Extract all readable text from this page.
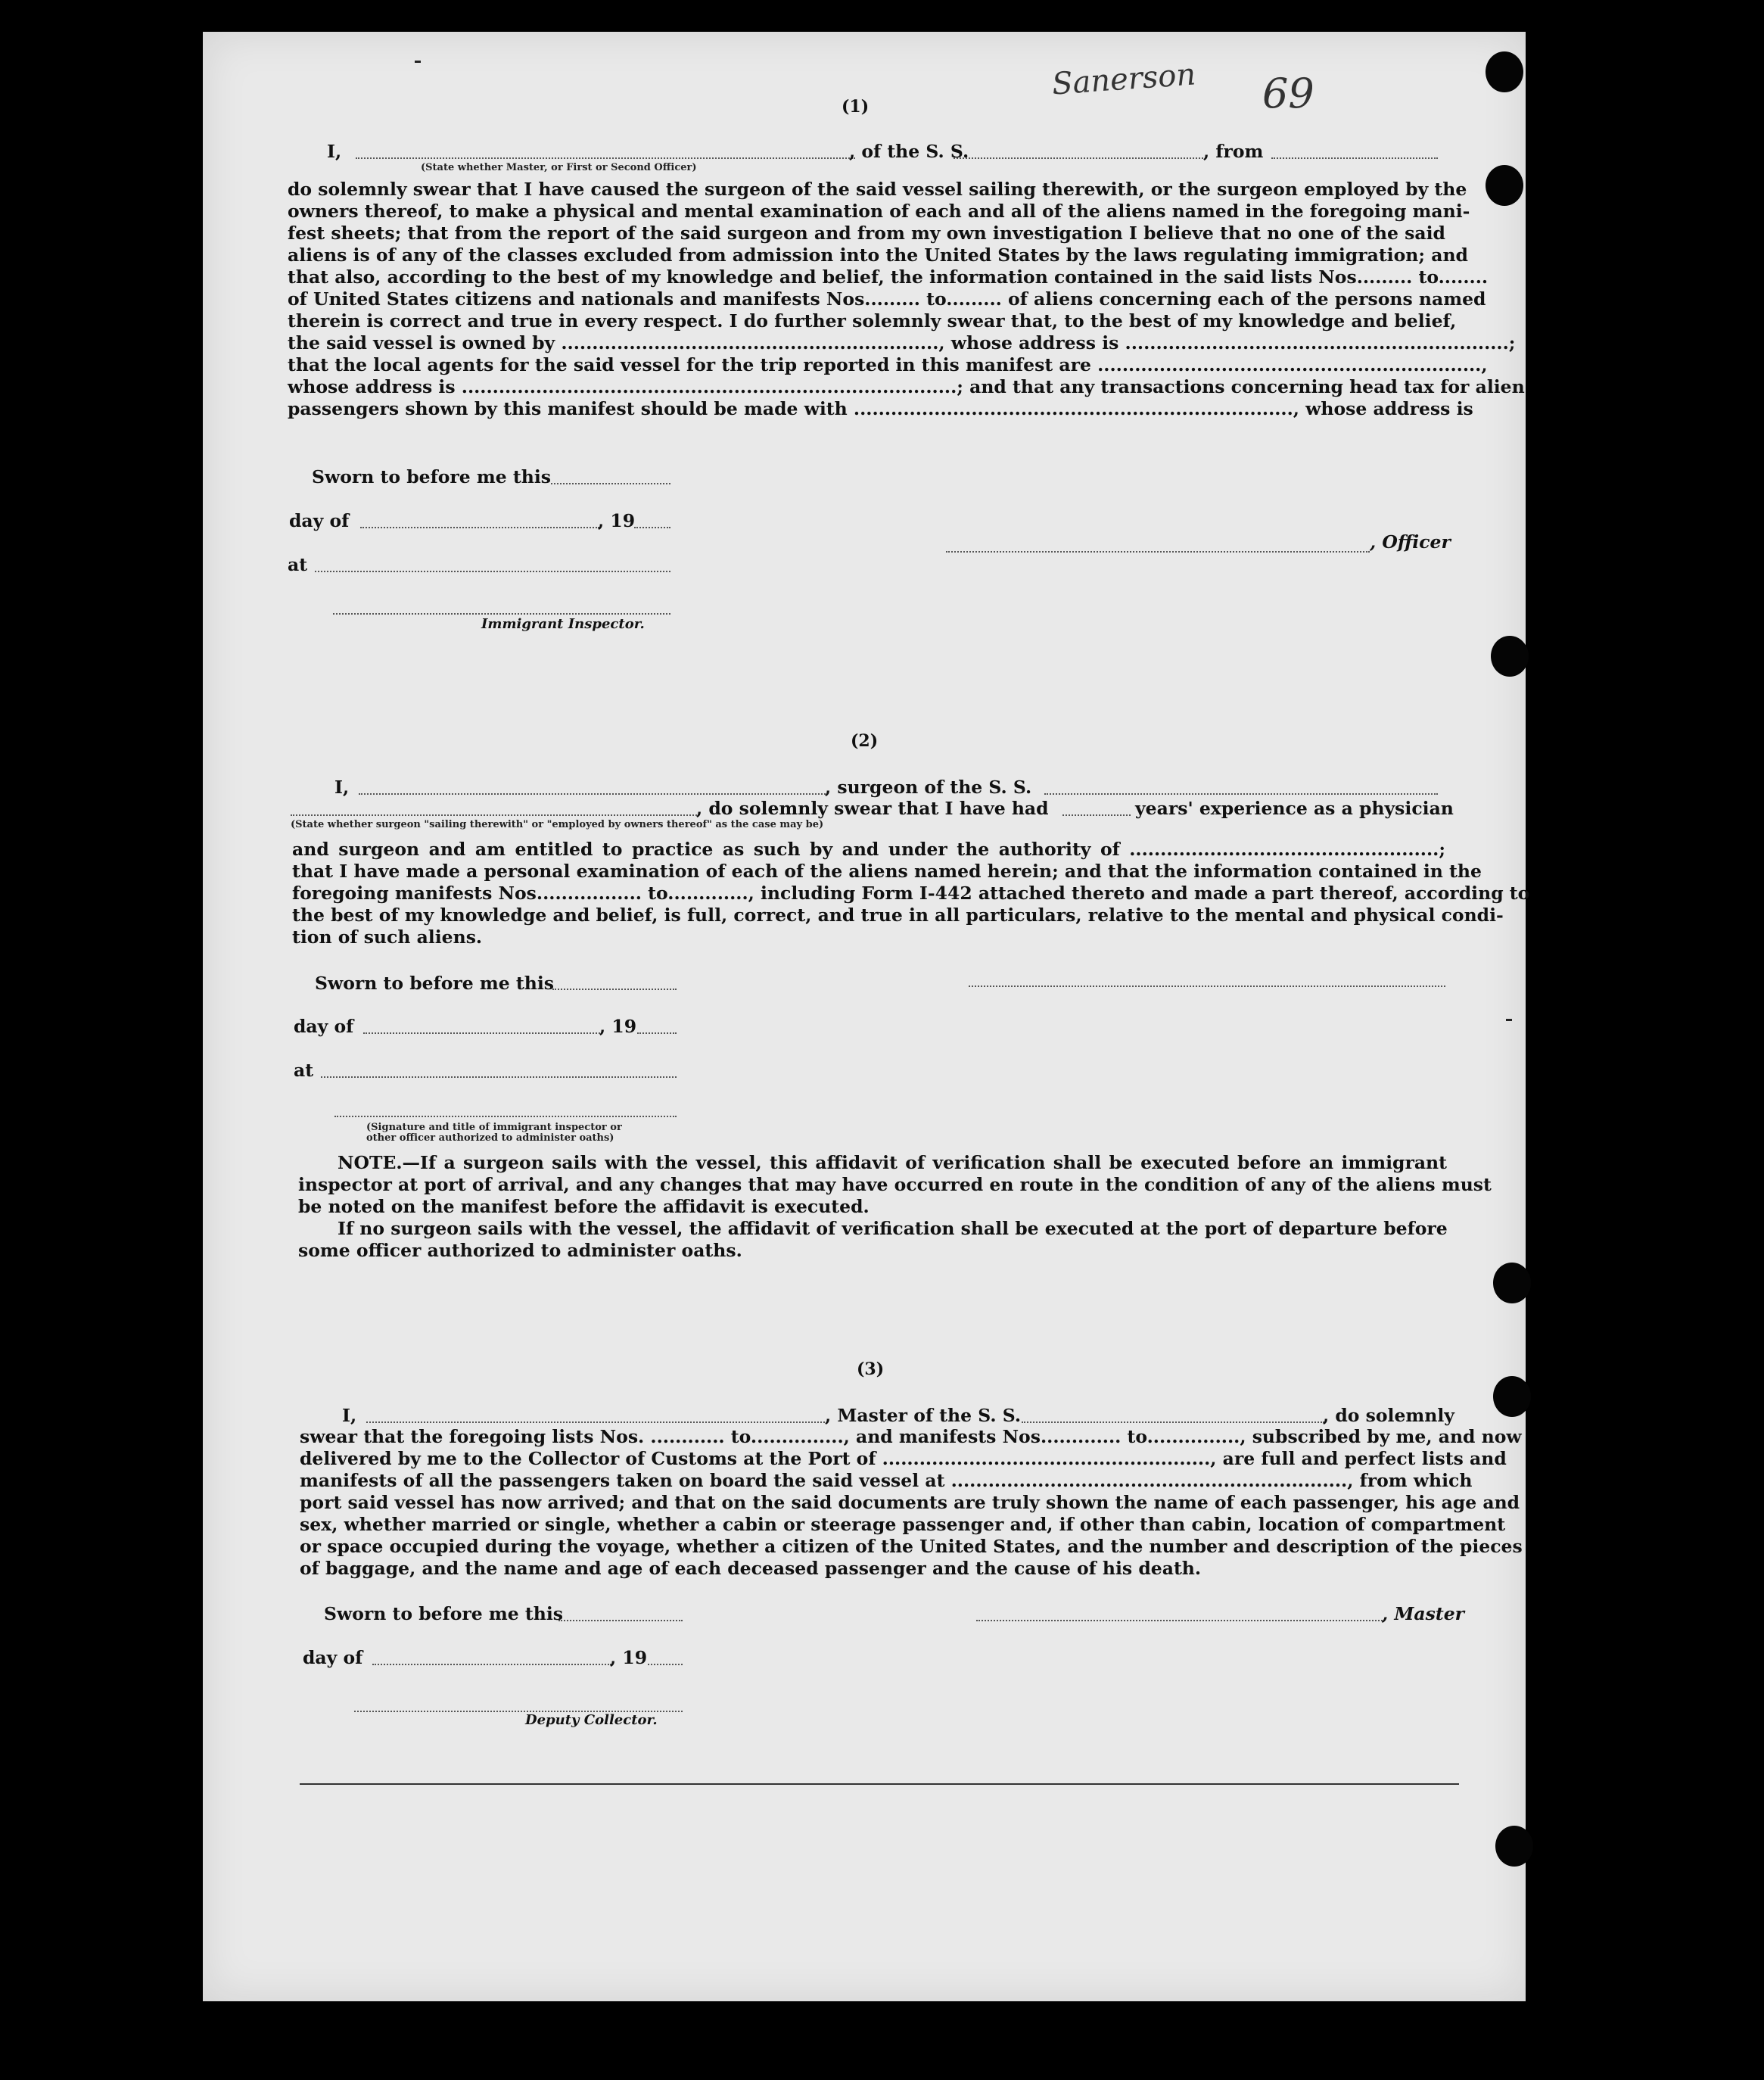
Sanerson 69
(1)
I,	, of the S. S.	, from
(State whether Master, or First or Second Officer)
do solemnly swear that I have caused the surgeon of the said vessel sailing therewith, or the surgeon employed by the
owners thereof, to make a physical and mental examination of each and all of the aliens named in the foregoing mani-
fest sheets; that from the report of the said surgeon and from my own investigation I believe that no one of the said
aliens is of any of the classes excluded from admission into the United States by the laws regulating immigration; and
that also, according to the best of my knowledge and belief, the information contained in the said lists Nos......... to........
of United States citizens and nationals and manifests Nos......... to......... of aliens concerning each of the persons named
therein is correct and true in every respect. I do further solemnly swear that, to the best of my knowledge and belief,
the said vessel is owned by ............................................................., whose address is ..............................................................;
that the local agents for the said vessel for the trip reported in this manifest are ..............................................................,
whose address is ................................................................................; and that any transactions concerning head tax for alien
passengers shown by this manifest should be made with ......................................................................., whose address is
Sworn to before me this
day of	, 19
at
, Officer
Immigrant Inspector.
(2)
I,	, surgeon of the S. S.
, do solemnly swear that I have had	years' experience as a physician
(State whether surgeon "sailing therewith" or "employed by owners thereof" as the case may be)
and surgeon and am entitled to practice as such by and under the authority of ..................................................;
that I have made a personal examination of each of the aliens named herein; and that the information contained in the
foregoing manifests Nos................. to............., including Form I-442 attached thereto and made a part thereof, according to
the best of my knowledge and belief, is full, correct, and true in all particulars, relative to the mental and physical condi-
tion of such aliens.
Sworn to before me this
day of	, 19
at
(Signature and title of immigrant inspector or
other officer authorized to administer oaths)
NOTE.—If a surgeon sails with the vessel, this affidavit of verification shall be executed before an immigrant
inspector at port of arrival, and any changes that may have occurred en route in the condition of any of the aliens must
be noted on the manifest before the affidavit is executed.
If no surgeon sails with the vessel, the affidavit of verification shall be executed at the port of departure before
some officer authorized to administer oaths.
(3)
I,	, Master of the S. S.	, do solemnly
swear that the foregoing lists Nos. ............ to..............., and manifests Nos............. to..............., subscribed by me, and now
delivered by me to the Collector of Customs at the Port of ....................................................., are full and perfect lists and
manifests of all the passengers taken on board the said vessel at ................................................................, from which
port said vessel has now arrived; and that on the said documents are truly shown the name of each passenger, his age and
sex, whether married or single, whether a cabin or steerage passenger and, if other than cabin, location of compartment
or space occupied during the voyage, whether a citizen of the United States, and the number and description of the pieces
of baggage, and the name and age of each deceased passenger and the cause of his death.
Sworn to before me this	, Master
day of	, 19
Deputy Collector.
